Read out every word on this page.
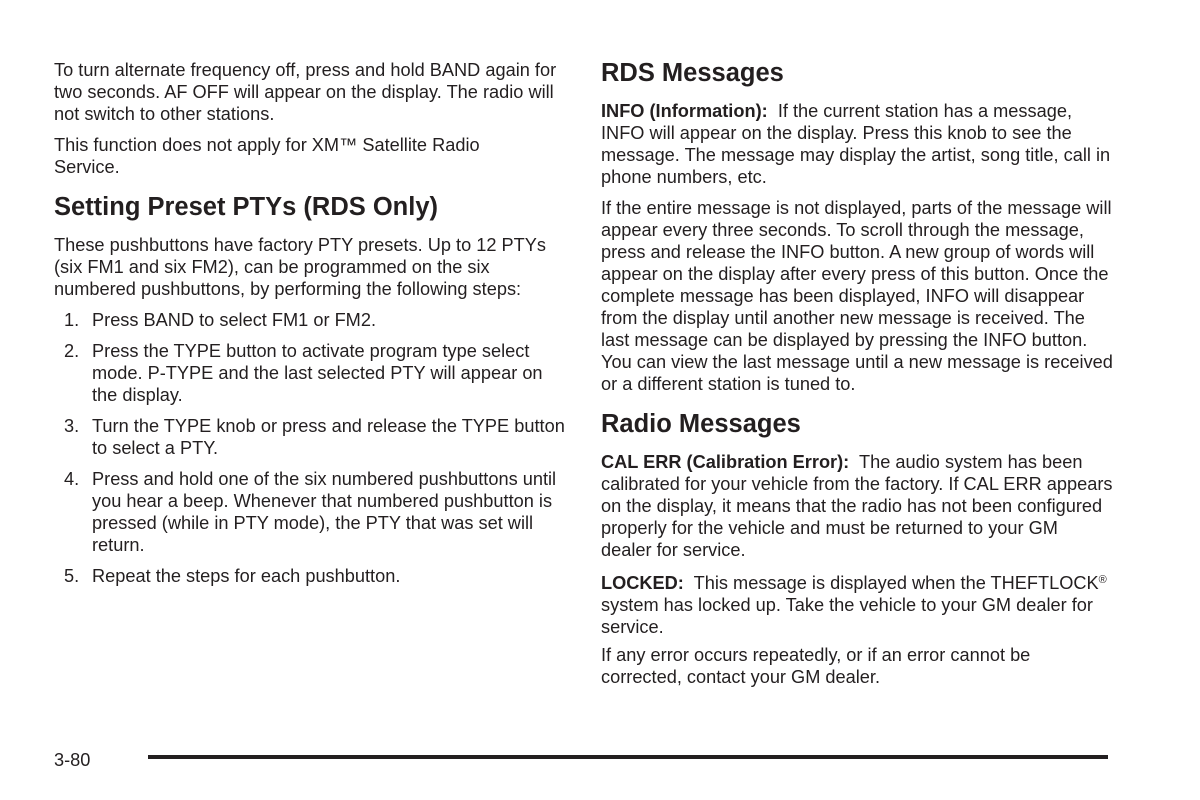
To turn alternate frequency off, press and hold BAND again for two seconds. AF OFF will appear on the display. The radio will not switch to other stations.

This function does not apply for XM™ Satellite Radio Service.

Setting Preset PTYs (RDS Only)

These pushbuttons have factory PTY presets. Up to 12 PTYs (six FM1 and six FM2), can be programmed on the six numbered pushbuttons, by performing the following steps:

1. Press BAND to select FM1 or FM2.
2. Press the TYPE button to activate program type select mode. P-TYPE and the last selected PTY will appear on the display.
3. Turn the TYPE knob or press and release the TYPE button to select a PTY.
4. Press and hold one of the six numbered pushbuttons until you hear a beep. Whenever that numbered pushbutton is pressed (while in PTY mode), the PTY that was set will return.
5. Repeat the steps for each pushbutton.
RDS Messages

INFO (Information): If the current station has a message, INFO will appear on the display. Press this knob to see the message. The message may display the artist, song title, call in phone numbers, etc.

If the entire message is not displayed, parts of the message will appear every three seconds. To scroll through the message, press and release the INFO button. A new group of words will appear on the display after every press of this button. Once the complete message has been displayed, INFO will disappear from the display until another new message is received. The last message can be displayed by pressing the INFO button. You can view the last message until a new message is received or a different station is tuned to.

Radio Messages

CAL ERR (Calibration Error): The audio system has been calibrated for your vehicle from the factory. If CAL ERR appears on the display, it means that the radio has not been configured properly for the vehicle and must be returned to your GM dealer for service.

LOCKED: This message is displayed when the THEFTLOCK® system has locked up. Take the vehicle to your GM dealer for service.

If any error occurs repeatedly, or if an error cannot be corrected, contact your GM dealer.

3-80
